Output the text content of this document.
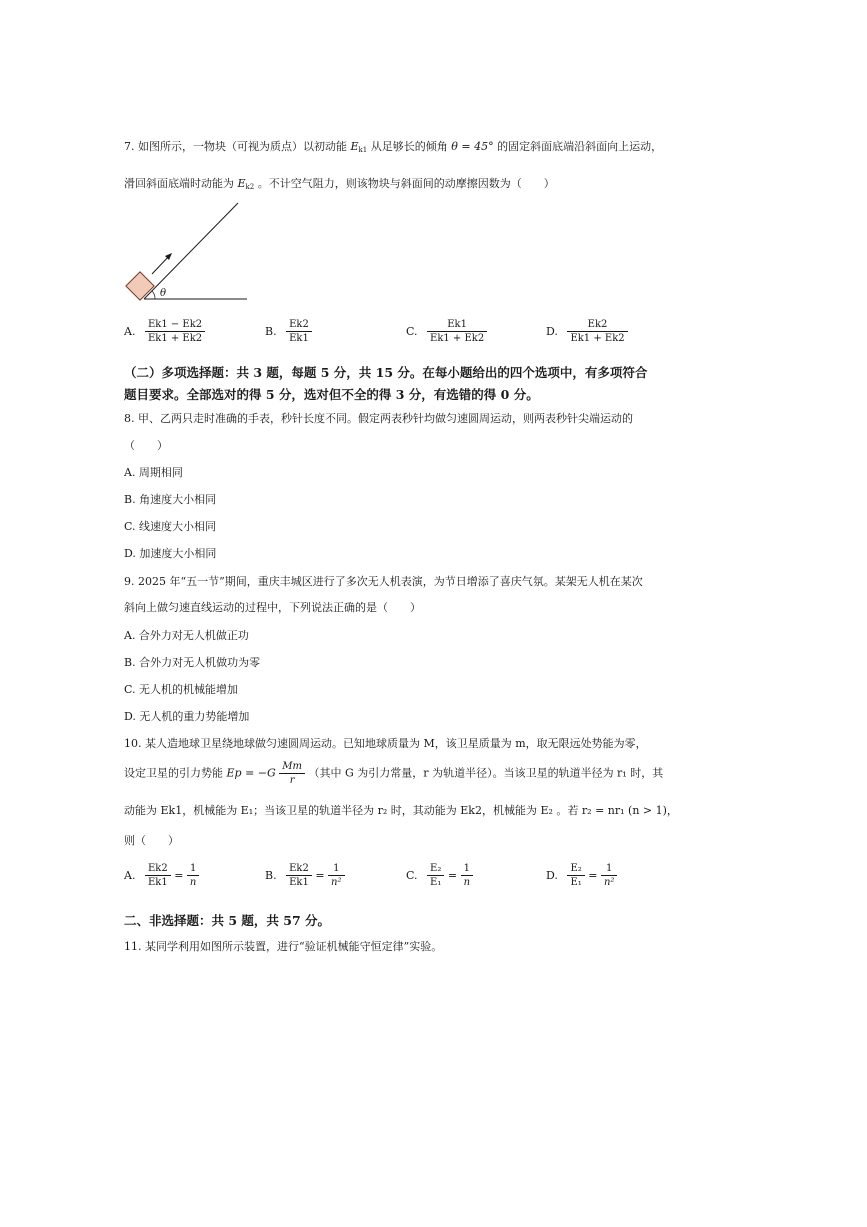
7. 如图所示，一物块（可视为质点）以初动能 $E_{k1}$ 从足够长的倾角 θ = 45° 的固定斜面底端沿斜面向上运动，
滑回斜面底端时动能为 $E_{k2}$ 。不计空气阻力，则该物块与斜面间的动摩擦因数为（　　）
θ
A. $\frac{Ek1 - Ek2}{Ek1 + Ek2}$	B. $\frac{Ek2}{Ek1}$	C. $\frac{Ek1}{Ek1 + Ek2}$	D. $\frac{Ek2}{Ek1 + Ek2}$
（二）多项选择题：共 3 题，每题 5 分，共 15 分。在每小题给出的四个选项中，有多项符合
题目要求。全部选对的得 5 分，选对但不全的得 3 分，有选错的得 0 分。
8. 甲、乙两只走时准确的手表，秒针长度不同。假定两表秒针均做匀速圆周运动，则两表秒针尖端运动的
（　　）
A. 周期相同
B. 角速度大小相同
C. 线速度大小相同
D. 加速度大小相同
9. 2025 年“五一节”期间，重庆丰城区进行了多次无人机表演，为节日增添了喜庆气氛。某架无人机在某次
斜向上做匀速直线运动的过程中，下列说法正确的是（　　）
A. 合外力对无人机做正功
B. 合外力对无人机做功为零
C. 无人机的机械能增加
D. 无人机的重力势能增加
10. 某人造地球卫星绕地球做匀速圆周运动。已知地球质量为 M，该卫星质量为 m，取无限远处势能为零，
设定卫星的引力势能 $Ep = -G \frac{Mm}{r}$ （其中 G 为引力常量，r 为轨道半径）。当该卫星的轨道半径为 r₁ 时，其
动能为 Ek1，机械能为 E₁；当该卫星的轨道半径为 r₂ 时，其动能为 Ek2，机械能为 E₂ 。若 r₂ = nr₁ (n > 1)，
则（　　）
A. $\frac{Ek2}{Ek1} = \frac{1}{n}$	B. $\frac{Ek2}{Ek1} = \frac{1}{\text{n²}}$	C. $\frac{\text{E₂}}{\text{E₁}} = \frac{1}{n}$	D. $\frac{\text{E₂}}{\text{E₁}} = \frac{1}{\text{n²}}$
二、非选择题：共 5 题，共 57 分。
11. 某同学利用如图所示装置，进行“验证机械能守恒定律”实验。
